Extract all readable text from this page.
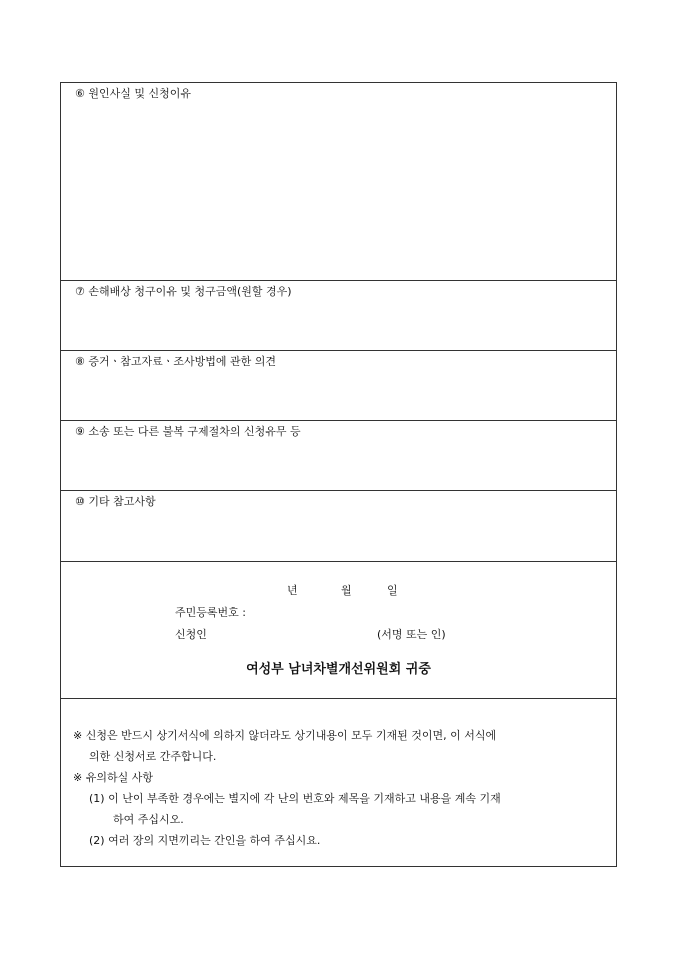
⑥ 원인사실 및 신청이유
⑦ 손해배상 청구이유 및 청구금액(원할 경우)
⑧ 증거ㆍ참고자료ㆍ조사방법에 관한 의견
⑨ 소송 또는 다른 불복 구제절차의 신청유무 등
⑩ 기타 참고사항
년	월	일
주민등록번호 :
신청인	(서명 또는 인)
여성부 남녀차별개선위원회 귀중
※ 신청은 반드시 상기서식에 의하지 않더라도 상기내용이 모두 기재된 것이면, 이 서식에
의한 신청서로 간주합니다.
※ 유의하실 사항
(1) 이 난이 부족한 경우에는 별지에 각 난의 번호와 제목을 기재하고 내용을 계속 기재
하여 주십시오.
(2) 여러 장의 지면끼리는 간인을 하여 주십시요.
